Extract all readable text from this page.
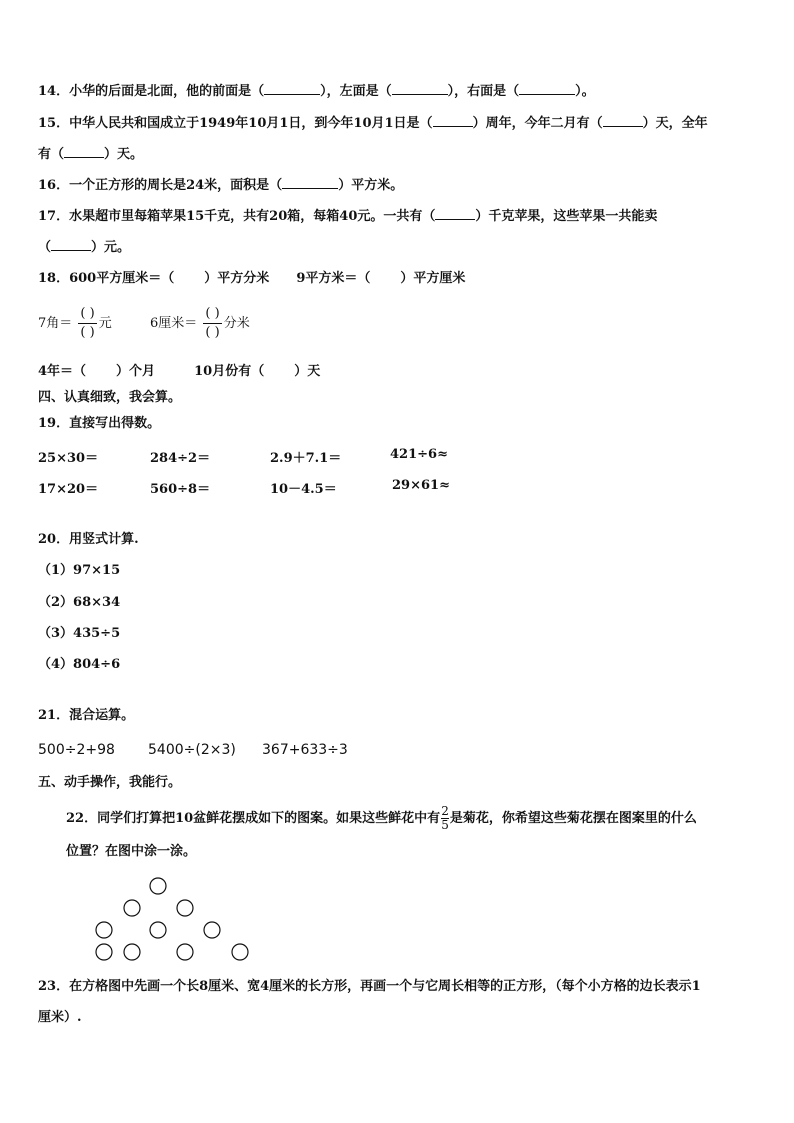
14．小华的后面是北面，他的前面是（	），左面是（	），右面是（	）。
15．中华人民共和国成立于1949年10月1日，到今年10月1日是（	）周年，今年二月有（	）天，全年
有（	）天。
16．一个正方形的周长是24米，面积是（	）平方米。
17．水果超市里每箱苹果15千克，共有20箱，每箱40元。一共有（	）千克苹果，这些苹果一共能卖
（	）元。
18．600平方厘米＝（ ）平方分米 9平方米＝（ ）平方厘米
7角＝ $\frac{( )}{( )}$ 元	6厘米＝ $\frac{( )}{( )}$ 分米
4年＝（ ）个月	10月份有（ ）天
四、认真细致，我会算。
19．直接写出得数。
25×30＝	284÷2＝	2.9＋7.1＝	421÷6≈
17×20＝	560÷8＝	10－4.5＝	29×61≈
20．用竖式计算.
（1）97×15
（2）68×34
（3）435÷5
（4）804÷6
21．混合运算。
500÷2+98 5400÷(2×3) 367+633÷3
五、动手操作，我能行。
22．同学们打算把10盆鲜花摆成如下的图案。如果这些鲜花中有 $\frac{2}{5}$ 是菊花，你希望这些菊花摆在图案里的什么
位置？在图中涂一涂。
23．在方格图中先画一个长8厘米、宽4厘米的长方形，再画一个与它周长相等的正方形，（每个小方格的边长表示1
厘米）.
